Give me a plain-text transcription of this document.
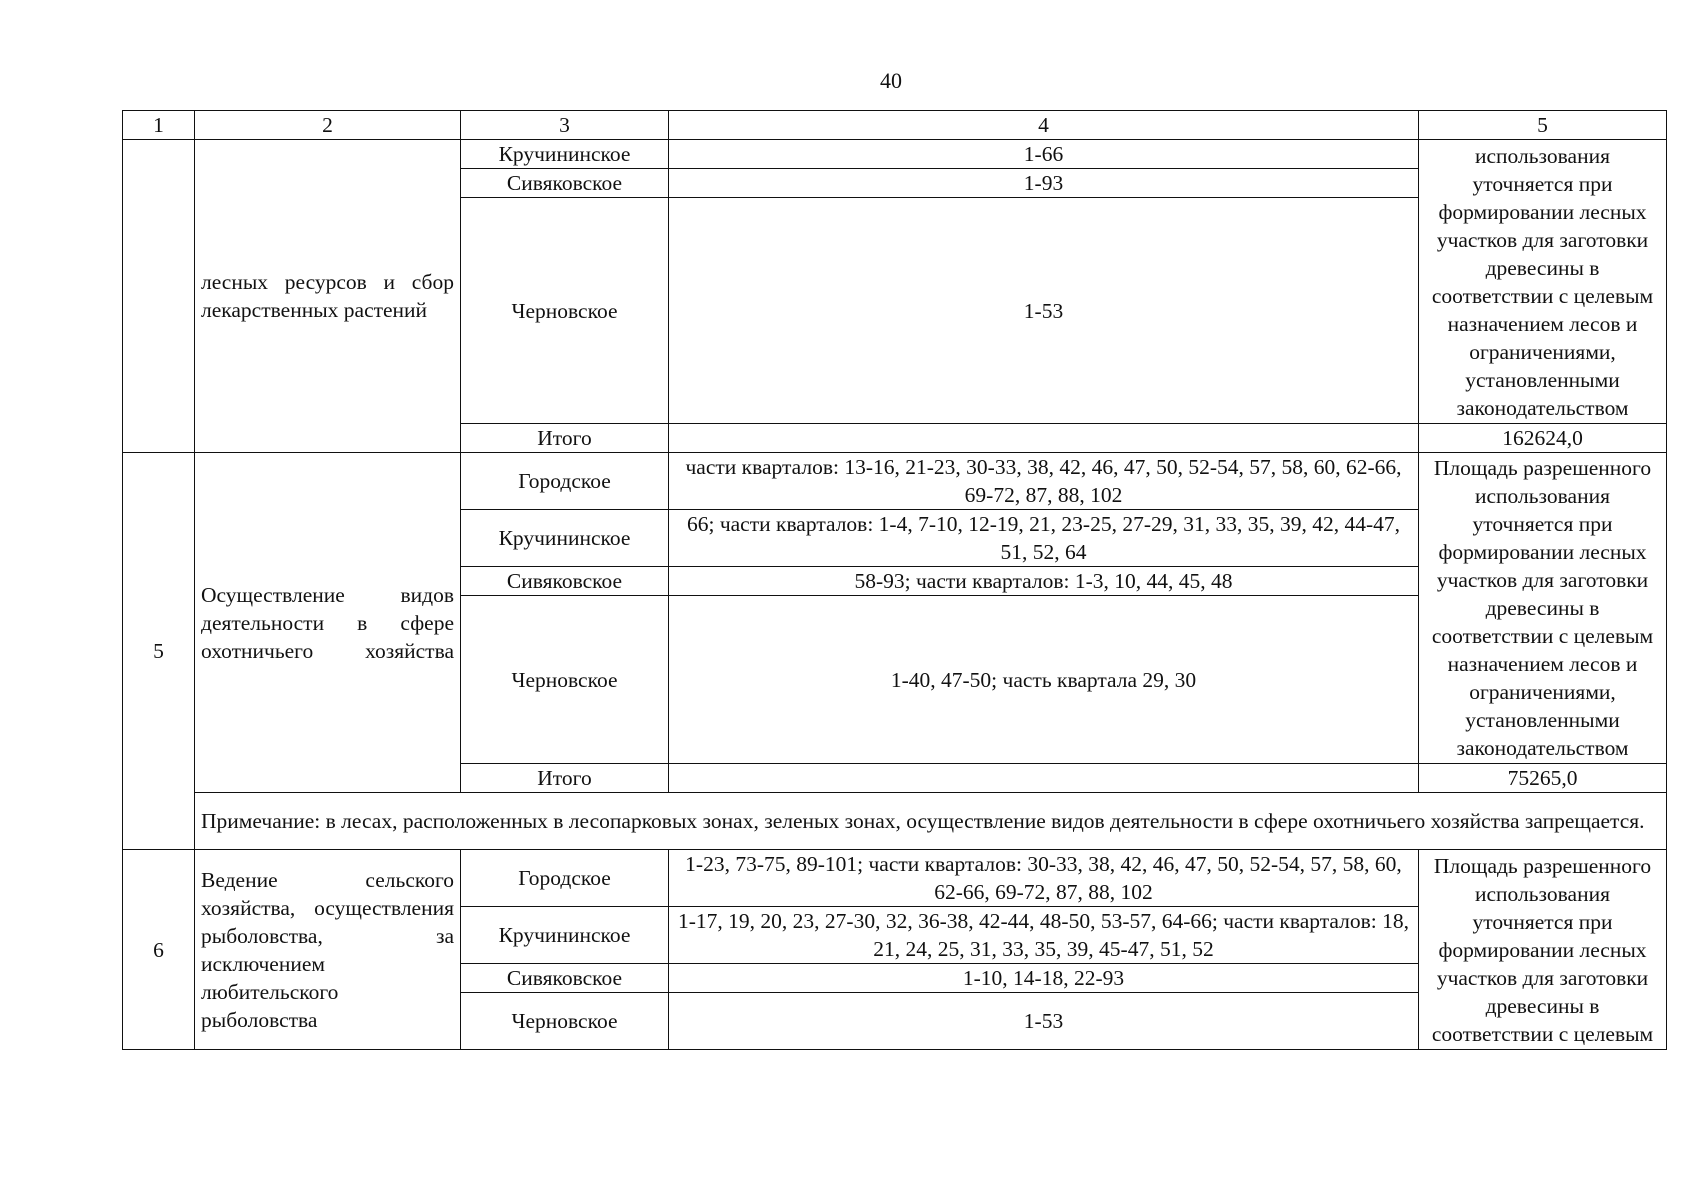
40
1	2	3	4	5
	лесных ресурсов и сбор лекарственных растений	Кручининское	1-66	использования уточняется при формировании лесных участков для заготовки древесины в соответствии с целевым назначением лесов и ограничениями, установленными законодательством
		Сивяковское	1-93	
		Черновское	1-53	
		Итого		162624,0
5	Осуществление видов деятельности в сфере охотничьего хозяйства	Городское	части кварталов: 13-16, 21-23, 30-33, 38, 42, 46, 47, 50, 52-54, 57, 58, 60, 62-66, 69-72, 87, 88, 102	Площадь разрешенного использования уточняется при формировании лесных участков для заготовки древесины в соответствии с целевым назначением лесов и ограничениями, установленными законодательством
		Кручининское	66; части кварталов: 1-4, 7-10, 12-19, 21, 23-25, 27-29, 31, 33, 35, 39, 42, 44-47, 51, 52, 64	
		Сивяковское	58-93; части кварталов: 1-3, 10, 44, 45, 48	
		Черновское	1-40, 47-50; часть квартала 29, 30	
		Итого		75265,0
	Примечание: в лесах, расположенных в лесопарковых зонах, зеленых зонах, осуществление видов деятельности в сфере охотничьего хозяйства запрещается.			
6	Ведение сельского хозяйства, осуществления рыболовства, за исключением любительского рыболовства	Городское	1-23, 73-75, 89-101; части кварталов: 30-33, 38, 42, 46, 47, 50, 52-54, 57, 58, 60, 62-66, 69-72, 87, 88, 102	Площадь разрешенного использования уточняется при формировании лесных участков для заготовки древесины в соответствии с целевым
		Кручининское	1-17, 19, 20, 23, 27-30, 32, 36-38, 42-44, 48-50, 53-57, 64-66; части кварталов: 18, 21, 24, 25, 31, 33, 35, 39, 45-47, 51, 52	
		Сивяковское	1-10, 14-18, 22-93	
		Черновское	1-53	
